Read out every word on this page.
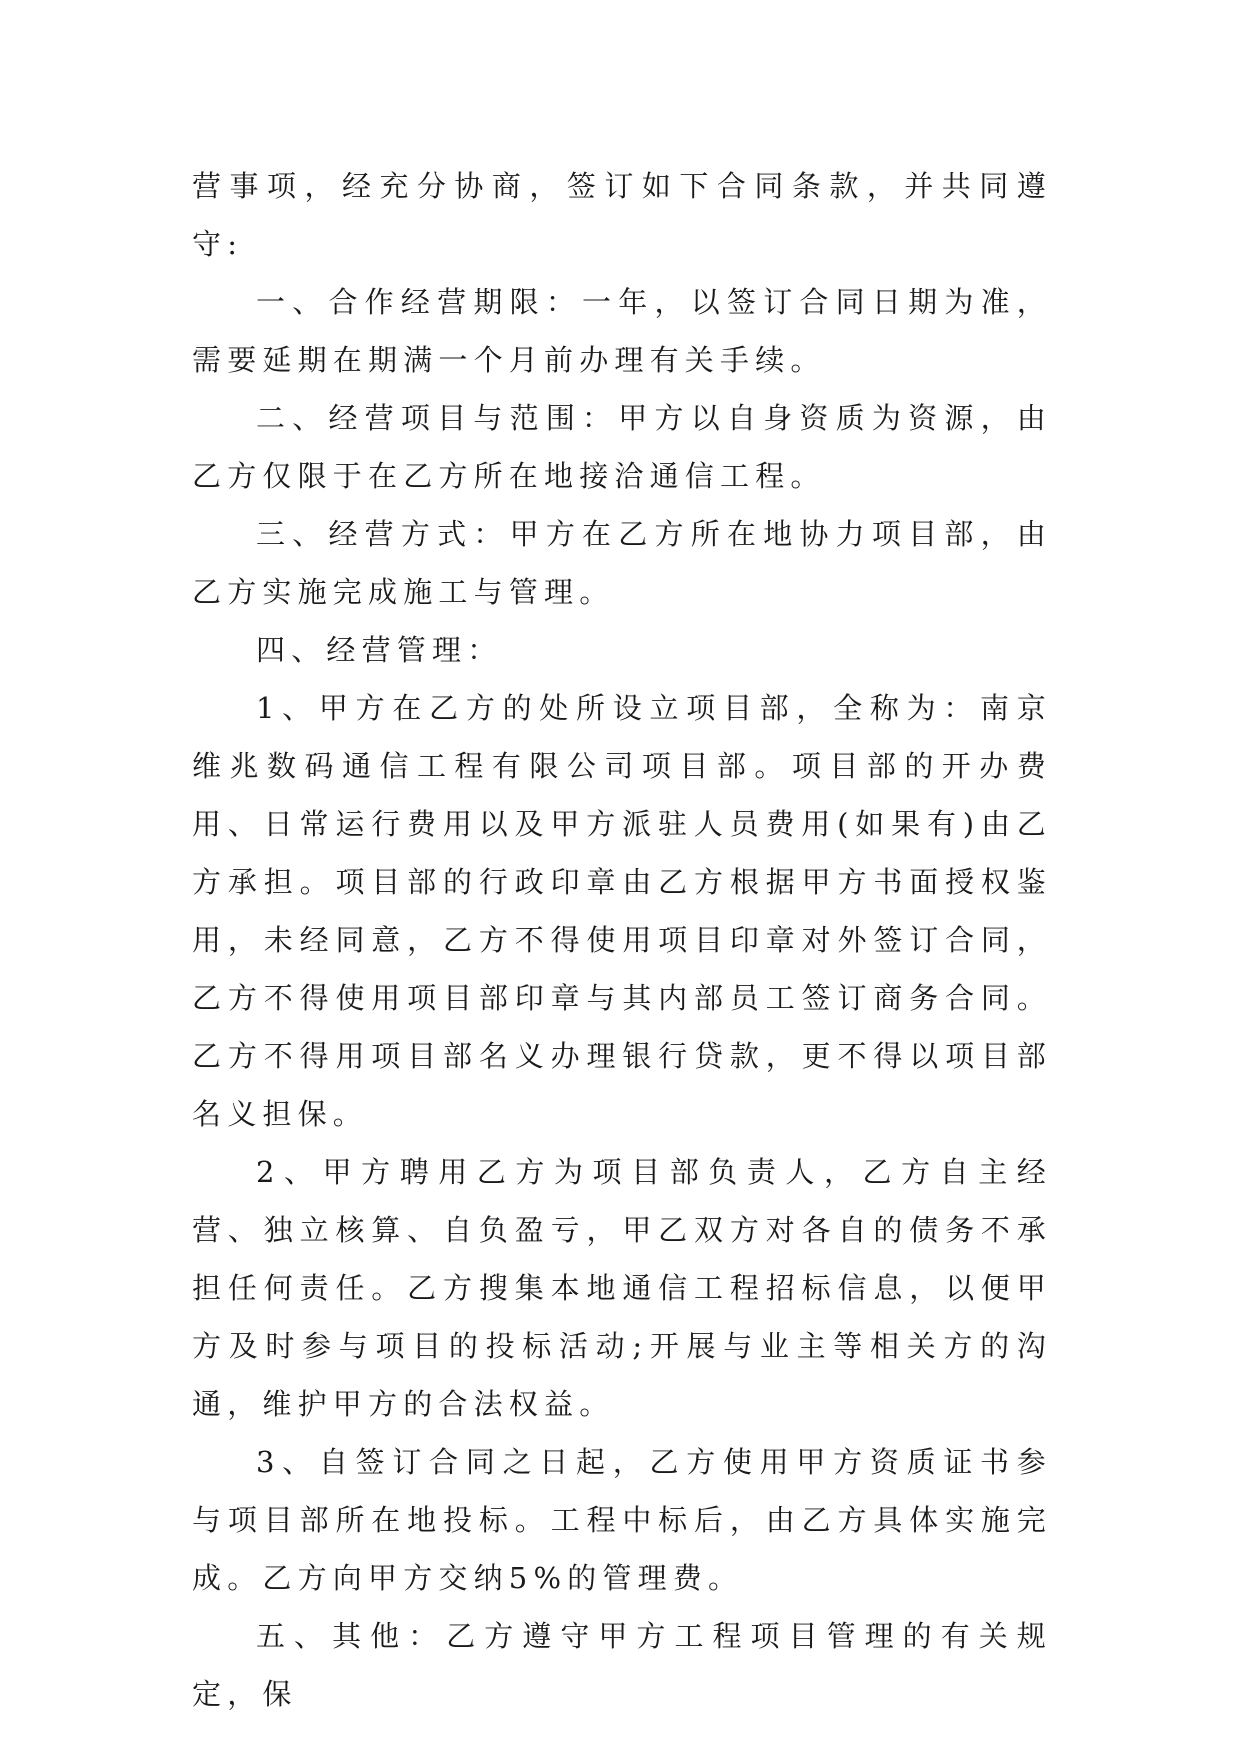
营事项，经充分协商，签订如下合同条款，并共同遵守:

一、合作经营期限：一年，以签订合同日期为准，需要延期在期满一个月前办理有关手续。

二、经营项目与范围：甲方以自身资质为资源，由乙方仅限于在乙方所在地接洽通信工程。

三、经营方式：甲方在乙方所在地协力项目部，由乙方实施完成施工与管理。

四、经营管理：

1、甲方在乙方的处所设立项目部，全称为：南京维兆数码通信工程有限公司项目部。项目部的开办费用、日常运行费用以及甲方派驻人员费用(如果有)由乙方承担。项目部的行政印章由乙方根据甲方书面授权鉴用，未经同意，乙方不得使用项目印章对外签订合同，乙方不得使用项目部印章与其内部员工签订商务合同。乙方不得用项目部名义办理银行贷款，更不得以项目部名义担保。

2、甲方聘用乙方为项目部负责人，乙方自主经营、独立核算、自负盈亏，甲乙双方对各自的债务不承担任何责任。乙方搜集本地通信工程招标信息，以便甲方及时参与项目的投标活动;开展与业主等相关方的沟通，维护甲方的合法权益。

3、自签订合同之日起，乙方使用甲方资质证书参与项目部所在地投标。工程中标后，由乙方具体实施完成。乙方向甲方交纳5%的管理费。

五、其他：乙方遵守甲方工程项目管理的有关规定，保
